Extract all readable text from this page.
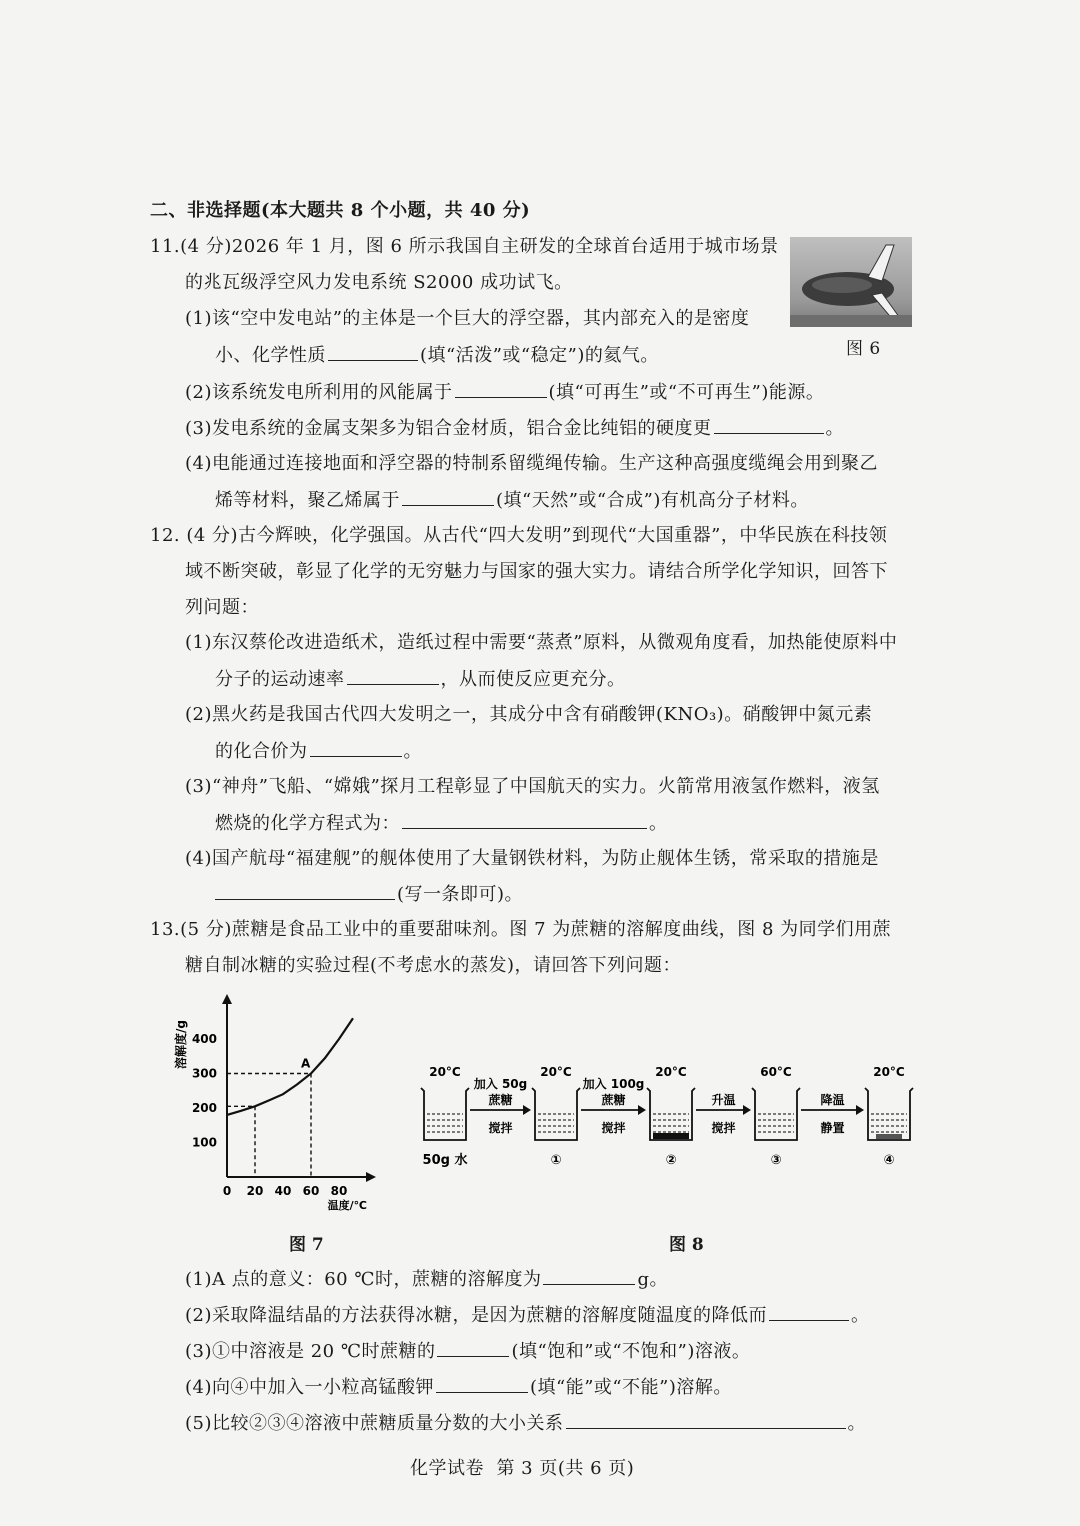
二、非选择题(本大题共 8 个小题，共 40 分)
11.(4 分)2026 年 1 月，图 6 所示我国自主研发的全球首台适用于城市场景
的兆瓦级浮空风力发电系统 S2000 成功试飞。
(1)该“空中发电站”的主体是一个巨大的浮空器，其内部充入的是密度
小、化学性质	(填“活泼”或“稳定”)的氦气。
(2)该系统发电所利用的风能属于	(填“可再生”或“不可再生”)能源。
(3)发电系统的金属支架多为铝合金材质，铝合金比纯铝的硬度更	。
(4)电能通过连接地面和浮空器的特制系留缆绳传输。生产这种高强度缆绳会用到聚乙
烯等材料，聚乙烯属于	(填“天然”或“合成”)有机高分子材料。
图 6
12. (4 分)古今辉映，化学强国。从古代“四大发明”到现代“大国重器”，中华民族在科技领
域不断突破，彰显了化学的无穷魅力与国家的强大实力。请结合所学化学知识，回答下
列问题：
(1)东汉蔡伦改进造纸术，造纸过程中需要“蒸煮”原料，从微观角度看，加热能使原料中
分子的运动速率	，从而使反应更充分。
(2)黑火药是我国古代四大发明之一，其成分中含有硝酸钾(KNO₃)。硝酸钾中氮元素
的化合价为	。
(3)“神舟”飞船、“嫦娥”探月工程彰显了中国航天的实力。火箭常用液氢作燃料，液氢
燃烧的化学方程式为：	。
(4)国产航母“福建舰”的舰体使用了大量钢铁材料，为防止舰体生锈，常采取的措施是
(写一条即可)。
13.(5 分)蔗糖是食品工业中的重要甜味剂。图 7 为蔗糖的溶解度曲线，图 8 为同学们用蔗
糖自制冰糖的实验过程(不考虑水的蒸发)，请回答下列问题：
100
200
300
400
20 40 60 80
A
溶解度/g
温度/℃
0
图 7
20°C
50g 水
20°C
①
20°C
②
60°C
③
20°C
④
加入 50g
蔗糖
搅拌
加入 100g
蔗糖
搅拌
升温
搅拌
降温
静置
图 8
(1)A 点的意义：60 ℃时，蔗糖的溶解度为	g。
(2)采取降温结晶的方法获得冰糖，是因为蔗糖的溶解度随温度的降低而	。
(3)①中溶液是 20 ℃时蔗糖的	(填“饱和”或“不饱和”)溶液。
(4)向④中加入一小粒高锰酸钾	(填“能”或“不能”)溶解。
(5)比较②③④溶液中蔗糖质量分数的大小关系	。
化学试卷  第 3 页(共 6 页)
